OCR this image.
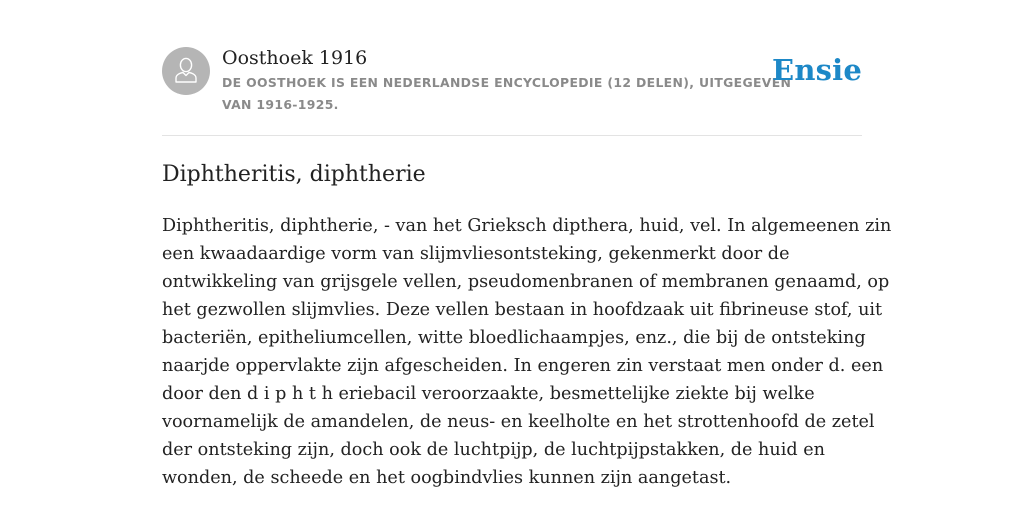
Oosthoek 1916
DE OOSTHOEK IS EEN NEDERLANDSE ENCYCLOPEDIE (12 DELEN), UITGEGEVEN
VAN 1916-1925.
Ensie
Diphtheritis, diphtherie

Diphtheritis, diphtherie, - van het Grieksch dipthera, huid, vel. In algemeenen zin
een kwaadaardige vorm van slijmvliesontsteking, gekenmerkt door de
ontwikkeling van grijsgele vellen, pseudomenbranen of membranen genaamd, op
het gezwollen slijmvlies. Deze vellen bestaan in hoofdzaak uit fibrineuse stof, uit
bacteriën, epitheliumcellen, witte bloedlichaampjes, enz., die bij de ontsteking
naarjde oppervlakte zijn afgescheiden. In engeren zin verstaat men onder d. een
door den d i p h t h eriebacil veroorzaakte, besmettelijke ziekte bij welke
voornamelijk de amandelen, de neus- en keelholte en het strottenhoofd de zetel
der ontsteking zijn, doch ook de luchtpijp, de luchtpijpstakken, de huid en
wonden, de scheede en het oogbindvlies kunnen zijn aangetast.
